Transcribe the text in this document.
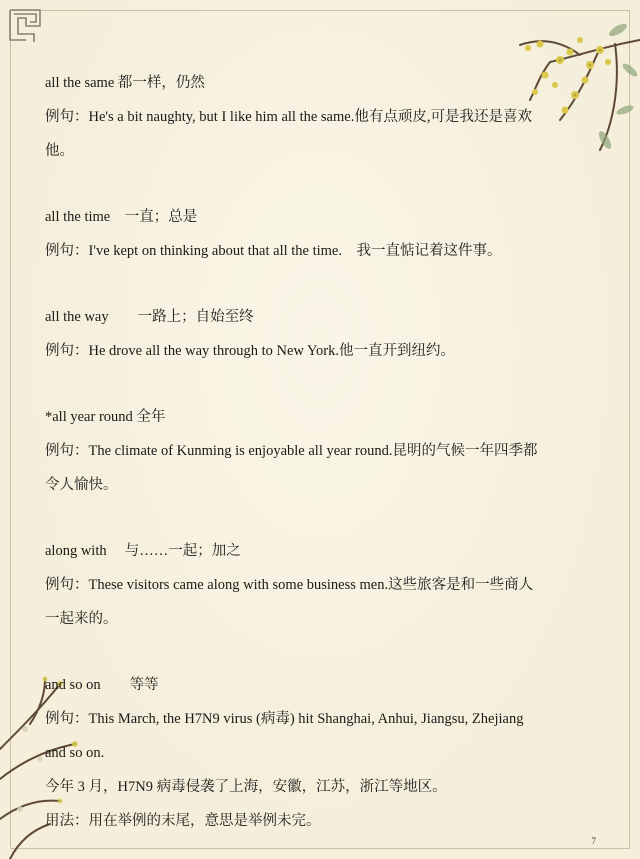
all the same 都一样，仍然
例句：He's a bit naughty, but I like him all the same.他有点顽皮,可是我还是喜欢
他。
all the time　一直；总是
例句：I've kept on thinking about that all the time.　我一直惦记着这件事。
all the way　　一路上；自始至终
例句：He drove all the way through to New York.他一直开到纽约。
*all year round 全年
例句：The climate of Kunming is enjoyable all year round.昆明的气候一年四季都
令人愉快。
along with　 与……一起；加之
例句：These visitors came along with some business men.这些旅客是和一些商人
一起来的。
and so on　　等等
例句：This March, the H7N9 virus (病毒) hit Shanghai, Anhui, Jiangsu, Zhejiang
and so on.
今年 3 月，H7N9 病毒侵袭了上海，安徽，江苏，浙江等地区。
用法：用在举例的末尾，意思是举例未完。
7
